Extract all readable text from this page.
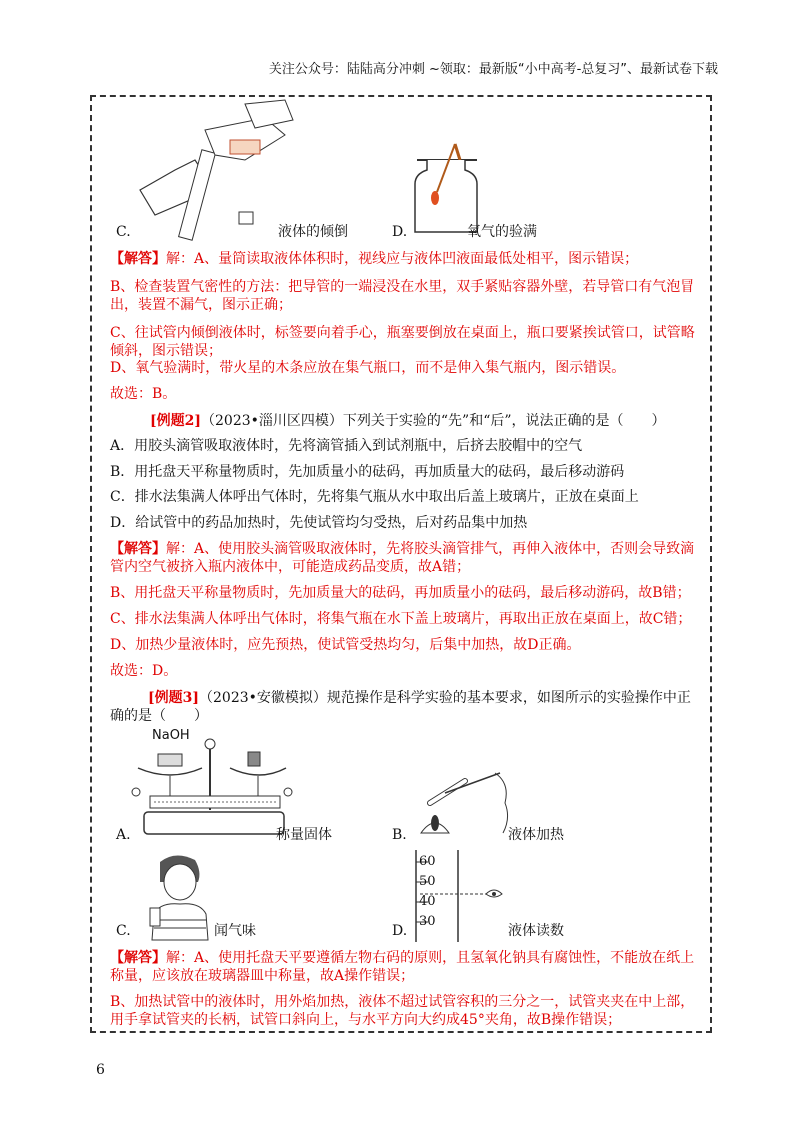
关注公众号：陆陆高分冲刺 ~领取：最新版“小中高考-总复习”、最新试卷下载
C.	液体的倾倒	D.	氧气的验满
【解答】解：A、量筒读取液体体积时，视线应与液体凹液面最低处相平，图示错误；
B、检查装置气密性的方法：把导管的一端浸没在水里，双手紧贴容器外壁，若导管口有气泡冒
出，装置不漏气，图示正确；
C、往试管内倾倒液体时，标签要向着手心，瓶塞要倒放在桌面上，瓶口要紧挨试管口，试管略
倾斜，图示错误；
D、氧气验满时，带火星的木条应放在集气瓶口，而不是伸入集气瓶内，图示错误。
故选：B。
[例题2]（2023•淄川区四模）下列关于实验的“先”和“后”，说法正确的是（　　）
A．用胶头滴管吸取液体时，先将滴管插入到试剂瓶中，后挤去胶帽中的空气
B．用托盘天平称量物质时，先加质量小的砝码，再加质量大的砝码，最后移动游码
C．排水法集满人体呼出气体时，先将集气瓶从水中取出后盖上玻璃片，正放在桌面上
D．给试管中的药品加热时，先使试管均匀受热，后对药品集中加热
【解答】解：A、使用胶头滴管吸取液体时，先将胶头滴管排气，再伸入液体中，否则会导致滴
管内空气被挤入瓶内液体中，可能造成药品变质，故A错；
B、用托盘天平称量物质时，先加质量大的砝码，再加质量小的砝码，最后移动游码，故B错；
C、排水法集满人体呼出气体时，将集气瓶在水下盖上玻璃片，再取出正放在桌面上，故C错；
D、加热少量液体时，应先预热，使试管受热均匀，后集中加热，故D正确。
故选：D。
[例题3]（2023•安徽模拟）规范操作是科学实验的基本要求，如图所示的实验操作中正
确的是（　　）
NaOH
A.	称量固体	B.	液体加热
C.	闻气味
60
50
40
30
D.	液体读数
【解答】解：A、使用托盘天平要遵循左物右码的原则，且氢氧化钠具有腐蚀性，不能放在纸上
称量，应该放在玻璃器皿中称量，故A操作错误；
B、加热试管中的液体时，用外焰加热，液体不超过试管容积的三分之一，试管夹夹在中上部，
用手拿试管夹的长柄，试管口斜向上，与水平方向大约成45°夹角，故B操作错误；
6
